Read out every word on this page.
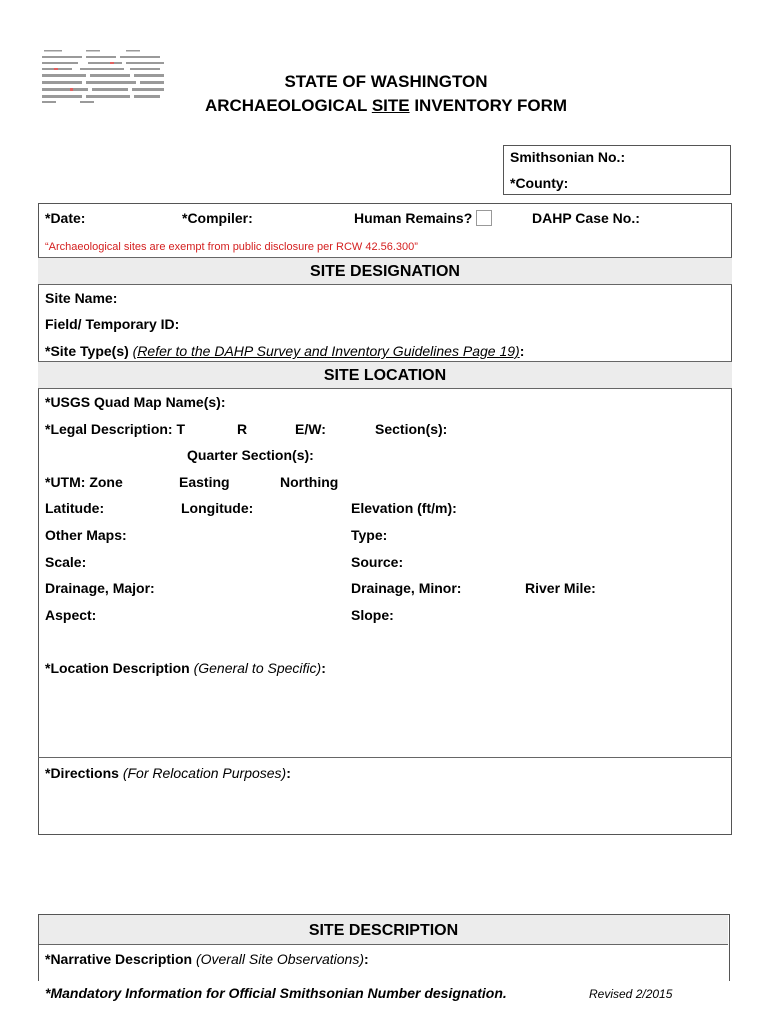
STATE OF WASHINGTON
ARCHAEOLOGICAL SITE INVENTORY FORM
Smithsonian No.:
*County:
*Date:	*Compiler:	Human Remains?	DAHP Case No.:
“Archaeological sites are exempt from public disclosure per RCW 42.56.300”
SITE DESIGNATION
Site Name:
Field/ Temporary ID:
*Site Type(s) (Refer to the DAHP Survey and Inventory Guidelines Page 19):
SITE LOCATION
*USGS Quad Map Name(s):
*Legal Description: T	R	E/W:	Section(s):
Quarter Section(s):
*UTM: Zone	Easting	Northing
Latitude:	Longitude:	Elevation (ft/m):
Other Maps:	Type:
Scale:	Source:
Drainage, Major:	Drainage, Minor:	River Mile:
Aspect:	Slope:
*Location Description (General to Specific):
*Directions (For Relocation Purposes):
SITE DESCRIPTION
*Narrative Description (Overall Site Observations):
*Mandatory Information for Official Smithsonian Number designation.	Revised 2/2015
